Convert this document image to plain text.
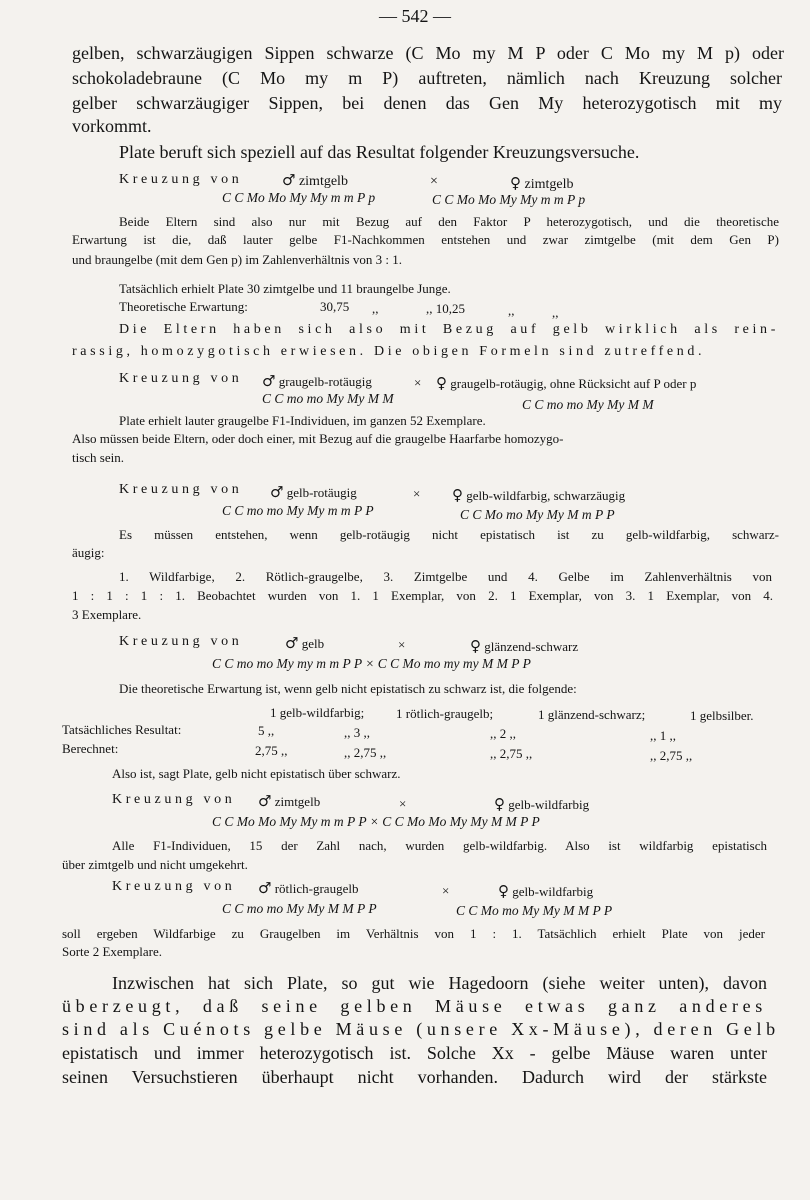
— 542 —
gelben, schwarzäugigen Sippen schwarze (C Mo my M P oder C Mo my M p) oder
schokoladebraune (C Mo my m P) auftreten, nämlich nach Kreuzung solcher
gelber schwarzäugiger Sippen, bei denen das Gen My heterozygotisch mit my
vorkommt.
Plate beruft sich speziell auf das Resultat folgender Kreuzungsversuche.
Kreuzung von	♂ zimtgelb	×	♀ zimtgelb
C C Mo Mo My My m m P p	C C Mo Mo My My m m P p
Beide Eltern sind also nur mit Bezug auf den Faktor P heterozygotisch, und die theoretische
Erwartung ist die, daß lauter gelbe F1-Nachkommen entstehen und zwar zimtgelbe (mit dem Gen P)
und braungelbe (mit dem Gen p) im Zahlenverhältnis von 3 : 1.
Tatsächlich erhielt Plate 30 zimtgelbe und 11 braungelbe Junge.
Theoretische Erwartung:	30,75 ,,	,, 10,25	,,	,,
Die Eltern haben sich also mit Bezug auf gelb wirklich als rein-
rassig, homozygotisch erwiesen. Die obigen Formeln sind zutreffend.
Kreuzung von ♂ graugelb-rotäugig	× ♀ graugelb-rotäugig, ohne Rücksicht auf P oder p
C C mo mo My My M M	C C mo mo My My M M
Plate erhielt lauter graugelbe F1-Individuen, im ganzen 52 Exemplare.
Also müssen beide Eltern, oder doch einer, mit Bezug auf die graugelbe Haarfarbe homozygo-
tisch sein.
Kreuzung von ♂ gelb-rotäugig	× ♀ gelb-wildfarbig, schwarzäugig
C C mo mo My My m m P P	C C Mo mo My My M m P P
Es müssen entstehen, wenn gelb-rotäugig nicht epistatisch ist zu gelb-wildfarbig, schwarz-
äugig:
1. Wildfarbige, 2. Rötlich-graugelbe, 3. Zimtgelbe und 4. Gelbe im Zahlenverhältnis von
1 : 1 : 1 : 1. Beobachtet wurden von 1. 1 Exemplar, von 2. 1 Exemplar, von 3. 1 Exemplar, von 4.
3 Exemplare.
Kreuzung von	♂ gelb	×	♀ glänzend-schwarz
C C mo mo My my m m P P × C C Mo mo my my M M P P
Die theoretische Erwartung ist, wenn gelb nicht epistatisch zu schwarz ist, die folgende:
1 gelb-wildfarbig; 1 rötlich-graugelb;	1 glänzend-schwarz;	1 gelbsilber.
Tatsächliches Resultat:	5 ,,	,, 3 ,,	,, 2 ,,	,, 1 ,,
Berechnet:	2,75 ,,	,, 2,75 ,,	,, 2,75 ,,	,, 2,75 ,,
Also ist, sagt Plate, gelb nicht epistatisch über schwarz.
Kreuzung von ♂ zimtgelb	×	♀ gelb-wildfarbig
C C Mo Mo My My m m P P × C C Mo Mo My My M M P P
Alle F1-Individuen, 15 der Zahl nach, wurden gelb-wildfarbig. Also ist wildfarbig epistatisch
über zimtgelb und nicht umgekehrt.
Kreuzung von ♂ rötlich-graugelb	×	♀ gelb-wildfarbig
C C mo mo My My M M P P	C C Mo mo My My M M P P
soll ergeben Wildfarbige zu Graugelben im Verhältnis von 1 : 1. Tatsächlich erhielt Plate von jeder
Sorte 2 Exemplare.
Inzwischen hat sich Plate, so gut wie Hagedoorn (siehe weiter unten), davon
überzeugt, daß seine gelben Mäuse etwas ganz anderes
sind als Cuénots gelbe Mäuse (unsere Xx-Mäuse), deren Gelb
epistatisch und immer heterozygotisch ist. Solche Xx - gelbe Mäuse waren unter
seinen Versuchstieren überhaupt nicht vorhanden. Dadurch wird der stärkste
